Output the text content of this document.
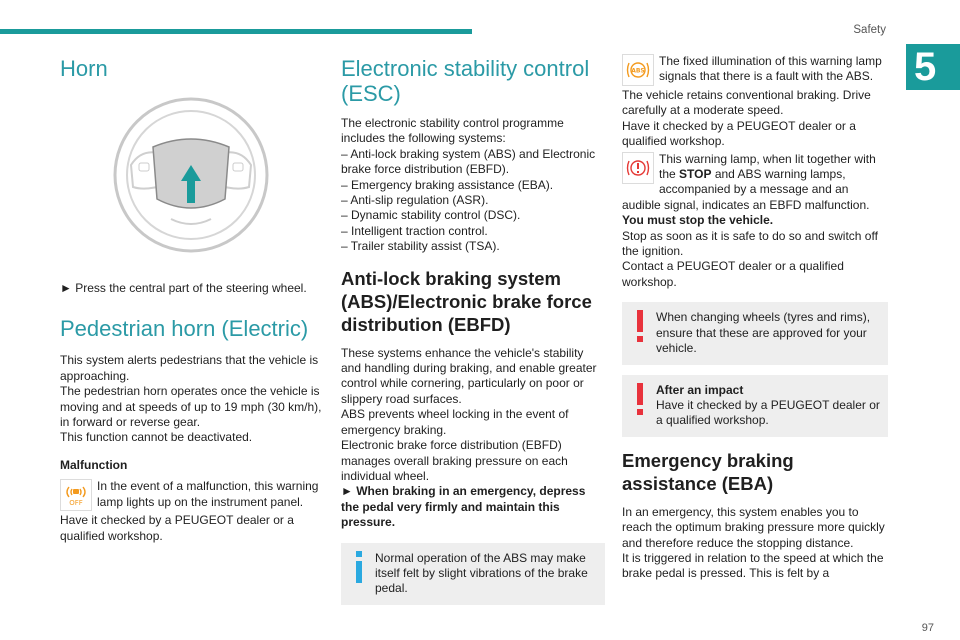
Safety
5
97
Horn

► Press the central part of the steering wheel.

Pedestrian horn (Electric)

This system alerts pedestrians that the vehicle is approaching.

The pedestrian horn operates once the vehicle is moving and at speeds of up to 19 mph (30 km/h), in forward or reverse gear.

This function cannot be deactivated.

Malfunction

OFF

In the event of a malfunction, this warning lamp lights up on the instrument panel.

Have it checked by a PEUGEOT dealer or a qualified workshop.

Electronic stability control (ESC)

The electronic stability control programme includes the following systems:

– Anti-lock braking system (ABS) and Electronic brake force distribution (EBFD).

– Emergency braking assistance (EBA).

– Anti-slip regulation (ASR).

– Dynamic stability control (DSC).

– Intelligent traction control.

– Trailer stability assist (TSA).

Anti-lock braking system (ABS)/Electronic brake force distribution (EBFD)

These systems enhance the vehicle's stability and handling during braking, and enable greater control while cornering, particularly on poor or slippery road surfaces.

ABS prevents wheel locking in the event of emergency braking.

Electronic brake force distribution (EBFD) manages overall braking pressure on each individual wheel.

► When braking in an emergency, depress the pedal very firmly and maintain this pressure.

Normal operation of the ABS may make itself felt by slight vibrations of the brake pedal.

ABS

The fixed illumination of this warning lamp signals that there is a fault with the ABS.

The vehicle retains conventional braking. Drive carefully at a moderate speed.

Have it checked by a PEUGEOT dealer or a qualified workshop.

This warning lamp, when lit together with the STOP and ABS warning lamps, accompanied by a message and an audible signal, indicates an EBFD malfunction.

You must stop the vehicle.

Stop as soon as it is safe to do so and switch off the ignition.

Contact a PEUGEOT dealer or a qualified workshop.

When changing wheels (tyres and rims), ensure that these are approved for your vehicle.

After an impact

Have it checked by a PEUGEOT dealer or a qualified workshop.

Emergency braking assistance (EBA)

In an emergency, this system enables you to reach the optimum braking pressure more quickly and therefore reduce the stopping distance.

It is triggered in relation to the speed at which the brake pedal is pressed. This is felt by a
